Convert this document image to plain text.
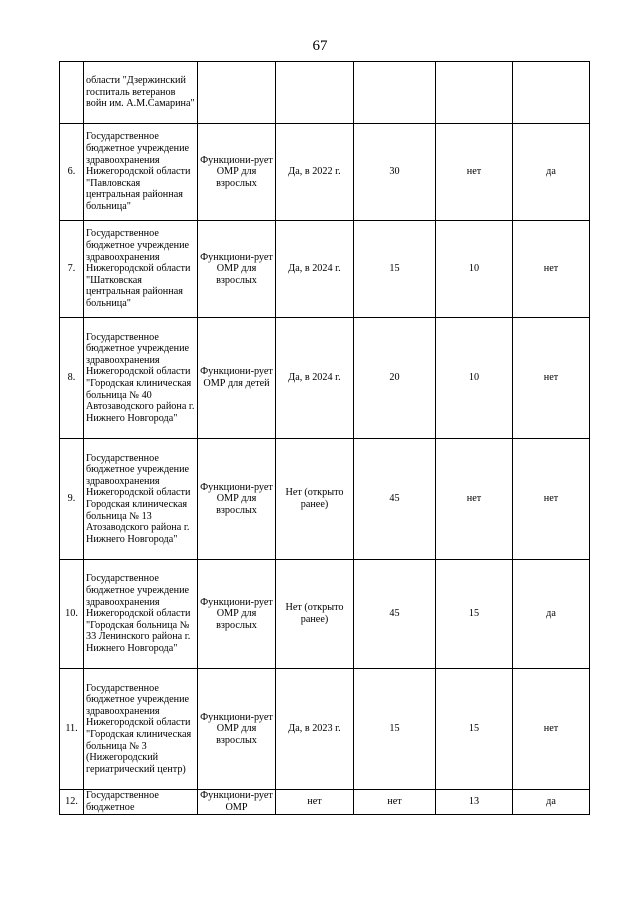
67
	области "Дзержинский госпиталь ветеранов войн им. А.М.Самарина"					
6.	Государственное бюджетное учреждение здравоохранения Нижегородской области "Павловская центральная районная больница"	Функциони-рует ОМР для взрослых	Да, в 2022 г.	30	нет	да
7.	Государственное бюджетное учреждение здравоохранения Нижегородской области "Шатковская центральная районная больница"	Функциони-рует ОМР для взрослых	Да, в 2024 г.	15	10	нет
8.	Государственное бюджетное учреждение здравоохранения Нижегородской области "Городская клиническая больница № 40 Автозаводского района г. Нижнего Новгорода"	Функциони-рует ОМР для детей	Да, в 2024 г.	20	10	нет
9.	Государственное бюджетное учреждение здравоохранения Нижегородской области Городская клиническая больница № 13 Атозаводского района г. Нижнего Новгорода"	Функциони-рует ОМР для взрослых	Нет (открыто ранее)	45	нет	нет
10.	Государственное бюджетное учреждение здравоохранения Нижегородской области "Городская больница № 33 Ленинского района г. Нижнего Новгорода"	Функциони-рует ОМР для взрослых	Нет (открыто ранее)	45	15	да
11.	Государственное бюджетное учреждение здравоохранения Нижегородской области "Городская клиническая больница № 3 (Нижегородский гериатрический центр)	Функциони-рует ОМР для взрослых	Да, в 2023 г.	15	15	нет
12.	Государственное бюджетное	Функциони-рует ОМР	нет	нет	13	да
